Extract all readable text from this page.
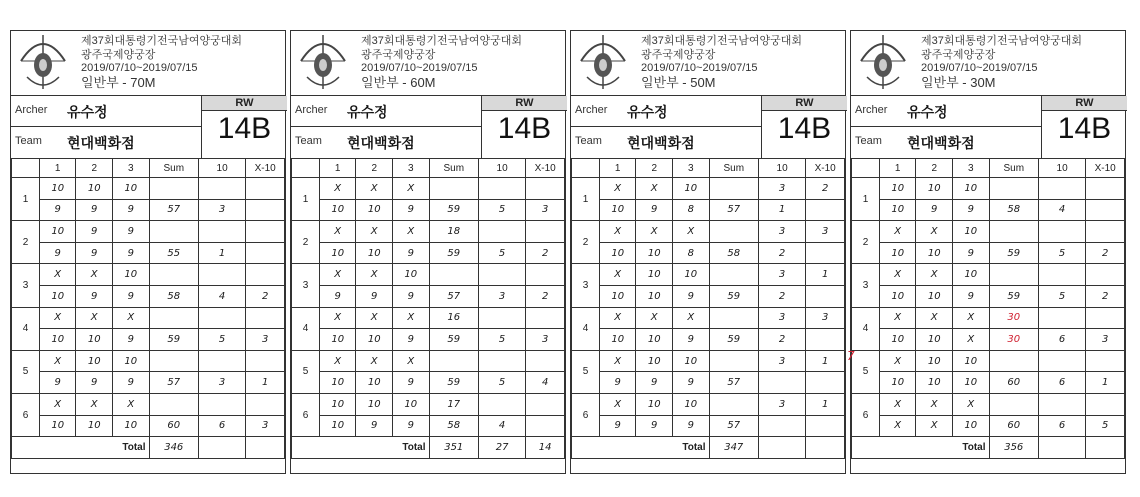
제37회대통령기전국남여양궁대회
광주국제양궁장
2019/07/10~2019/07/15
일반부 - 70M
Archer 유수정
Team 현대백화점
RW
14B
	1	2	3	Sum	10	X-10
1	10	10	10			
	9	9	9	57	3	
2	10	9	9			
	9	9	9	55	1	
3	X	X	10			
	10	9	9	58	4	2
4	X	X	X			
	10	10	9	59	5	3
5	X	10	10			
	9	9	9	57	3	1
6	X	X	X			
	10	10	10	60	6	3
Total				346		
제37회대통령기전국남여양궁대회
광주국제양궁장
2019/07/10~2019/07/15
일반부 - 60M
Archer 유수정
Team 현대백화점
RW
14B
	1	2	3	Sum	10	X-10
1	X	X	X			
	10	10	9	59	5	3
2	X	X	X	18		
	10	10	9	59	5	2
3	X	X	10			
	9	9	9	57	3	2
4	X	X	X	16		
	10	10	9	59	5	3
5	X	X	X			
	10	10	9	59	5	4
6	10	10	10	17		
	10	9	9	58	4	
Total				351	27	14
제37회대통령기전국남여양궁대회
광주국제양궁장
2019/07/10~2019/07/15
일반부 - 50M
Archer 유수정
Team 현대백화점
RW
14B
	1	2	3	Sum	10	X-10
1	X	X	10		3	2
	10	9	8	57	1	
2	X	X	X		3	3
	10	10	8	58	2	
3	X	10	10		3	1
	10	10	9	59	2	
4	X	X	X		3	3
	10	10	9	59	2	
5	X	10	10		3	1
	9	9	9	57		
6	X	10	10		3	1
	9	9	9	57		
Total				347		
제37회대통령기전국남여양궁대회
광주국제양궁장
2019/07/10~2019/07/15
일반부 - 30M
Archer 유수정
Team 현대백화점
RW
14B
	1	2	3	Sum	10	X-10
1	10	10	10			
	10	9	9	58	4	
2	X	X	10			
	10	10	9	59	5	2
3	X	X	10			
	10	10	9	59	5	2
4	X	X	X	30		
	10	10	X	30	6	3
5	X	10	10			
	10	10	10	60	6	1
6	X	X	X			
	X	X	10	60	6	5
Total				356		
7
